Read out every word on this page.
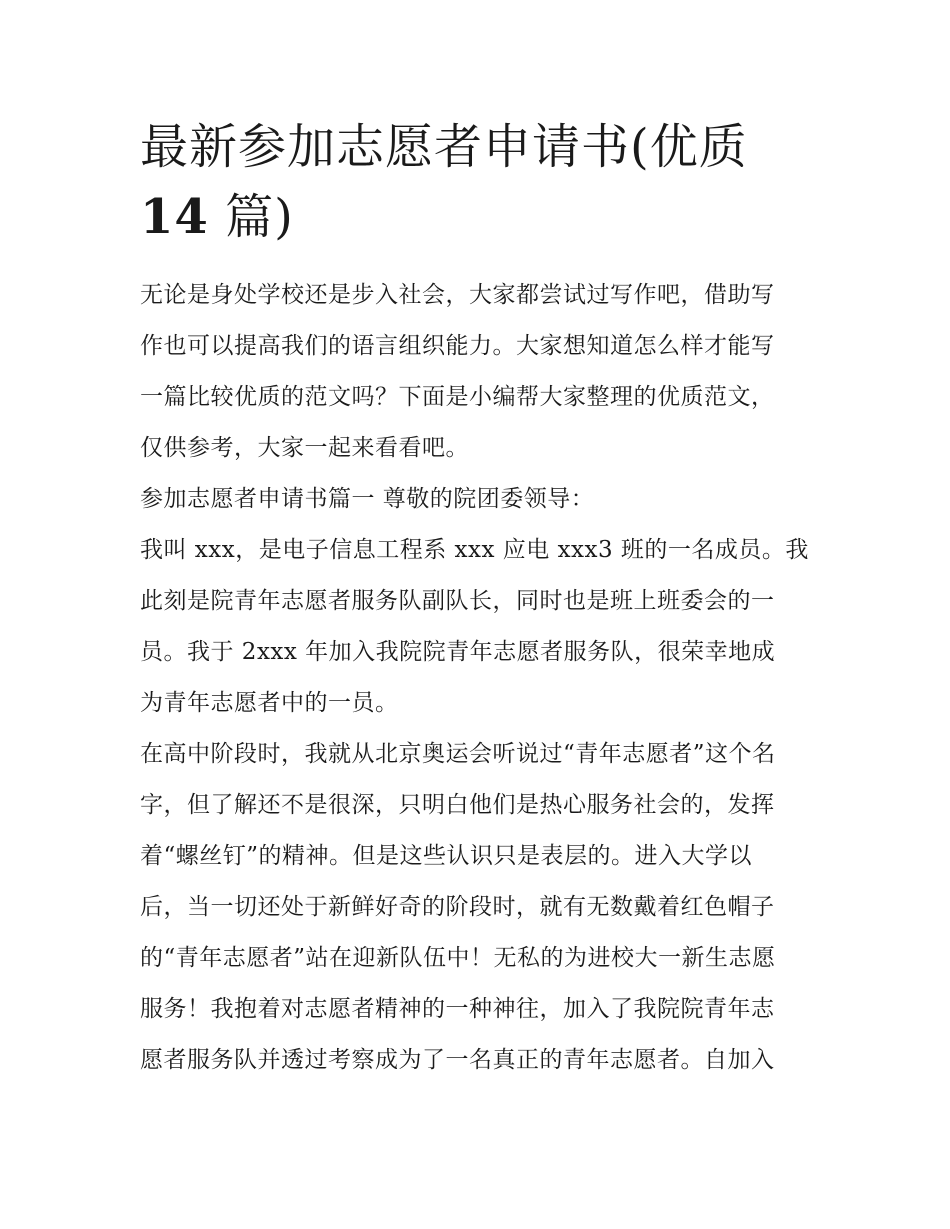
最新参加志愿者申请书(优质
14 篇)

无论是身处学校还是步入社会，大家都尝试过写作吧，借助写
作也可以提高我们的语言组织能力。大家想知道怎么样才能写
一篇比较优质的范文吗？下面是小编帮大家整理的优质范文，
仅供参考，大家一起来看看吧。

参加志愿者申请书篇一 尊敬的院团委领导：

我叫 xxx，是电子信息工程系 xxx 应电 xxx3 班的一名成员。我
此刻是院青年志愿者服务队副队长，同时也是班上班委会的一
员。我于 2xxx 年加入我院院青年志愿者服务队，很荣幸地成
为青年志愿者中的一员。

在高中阶段时，我就从北京奥运会听说过“青年志愿者”这个名
字，但了解还不是很深，只明白他们是热心服务社会的，发挥
着“螺丝钉”的精神。但是这些认识只是表层的。进入大学以
后，当一切还处于新鲜好奇的阶段时，就有无数戴着红色帽子
的“青年志愿者”站在迎新队伍中！无私的为进校大一新生志愿
服务！我抱着对志愿者精神的一种神往，加入了我院院青年志
愿者服务队并透过考察成为了一名真正的青年志愿者。自加入
